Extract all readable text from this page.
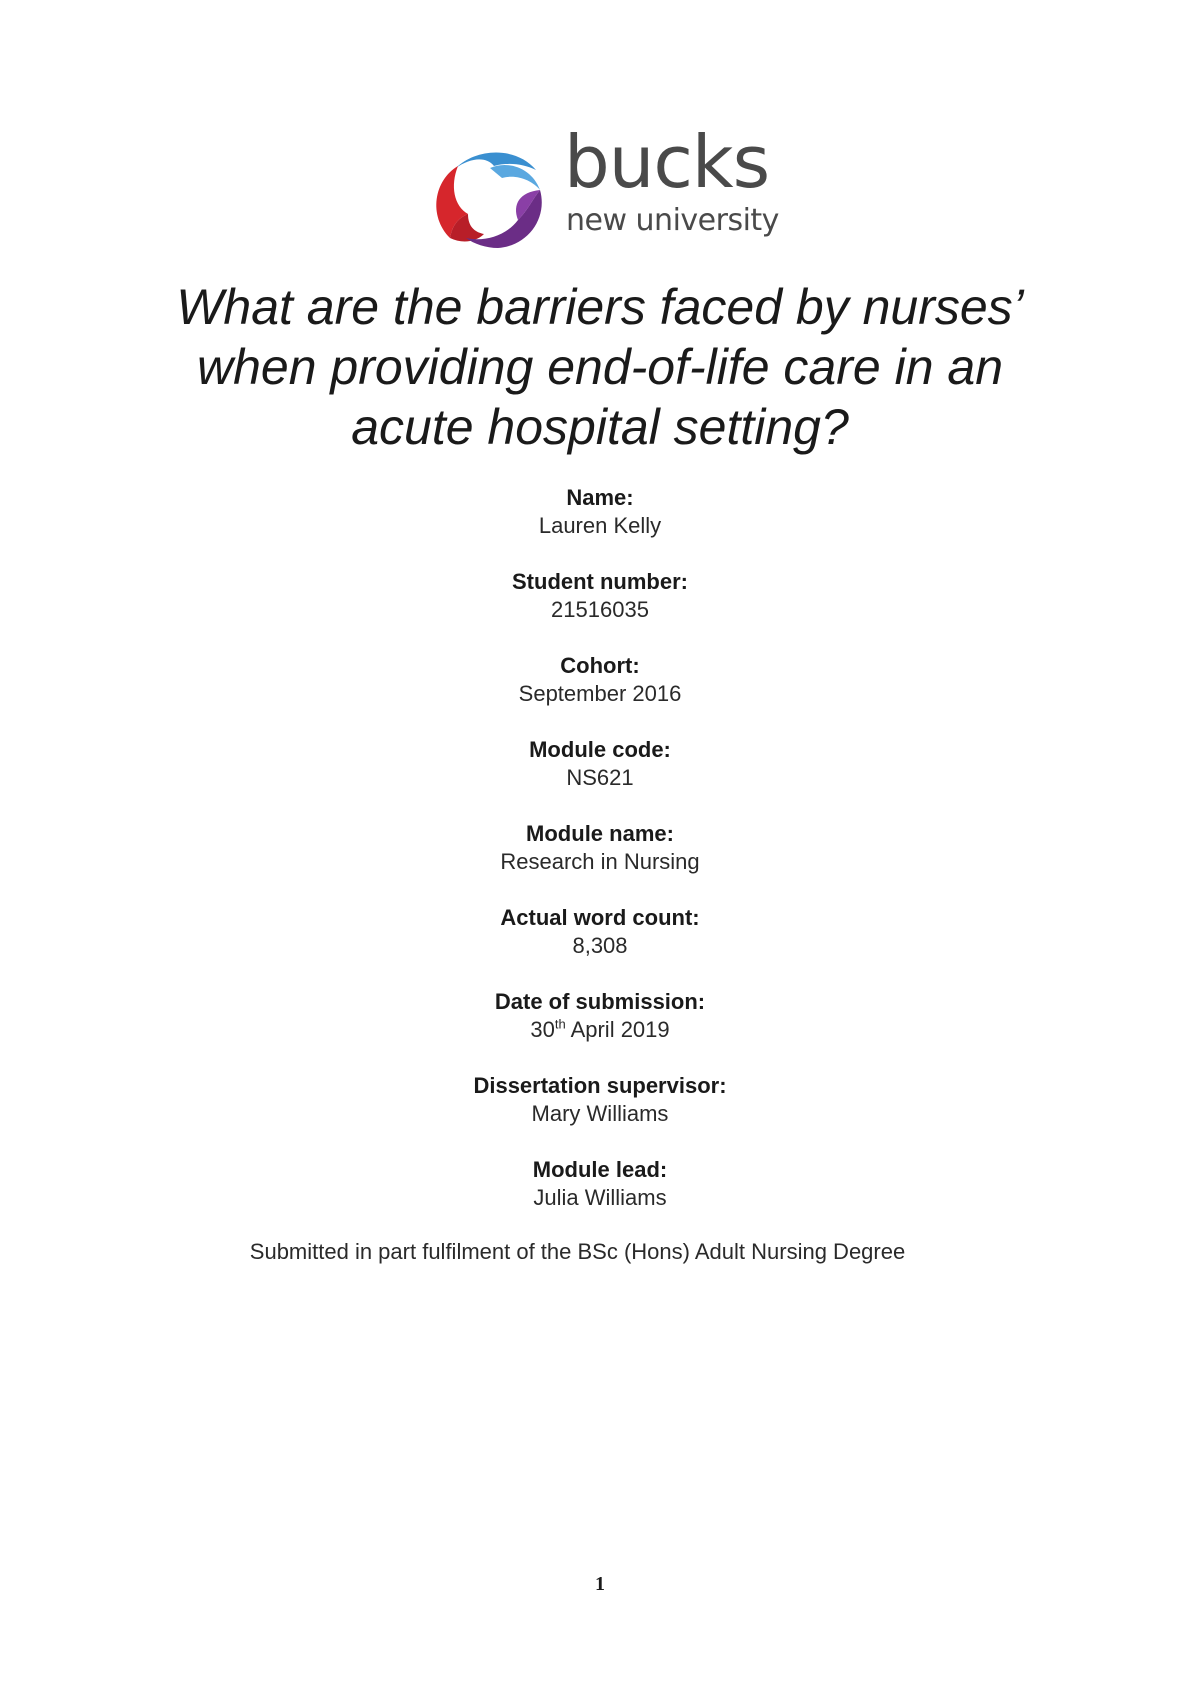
bucks
new university
What are the barriers faced by nurses’
when providing end-of-life care in an
acute hospital setting?
Name:
Lauren Kelly
Student number:
21516035
Cohort:
September 2016
Module code:
NS621
Module name:
Research in Nursing
Actual word count:
8,308
Date of submission:
30th April 2019
Dissertation supervisor:
Mary Williams
Module lead:
Julia Williams
Submitted in part fulfilment of the BSc (Hons) Adult Nursing Degree
1
